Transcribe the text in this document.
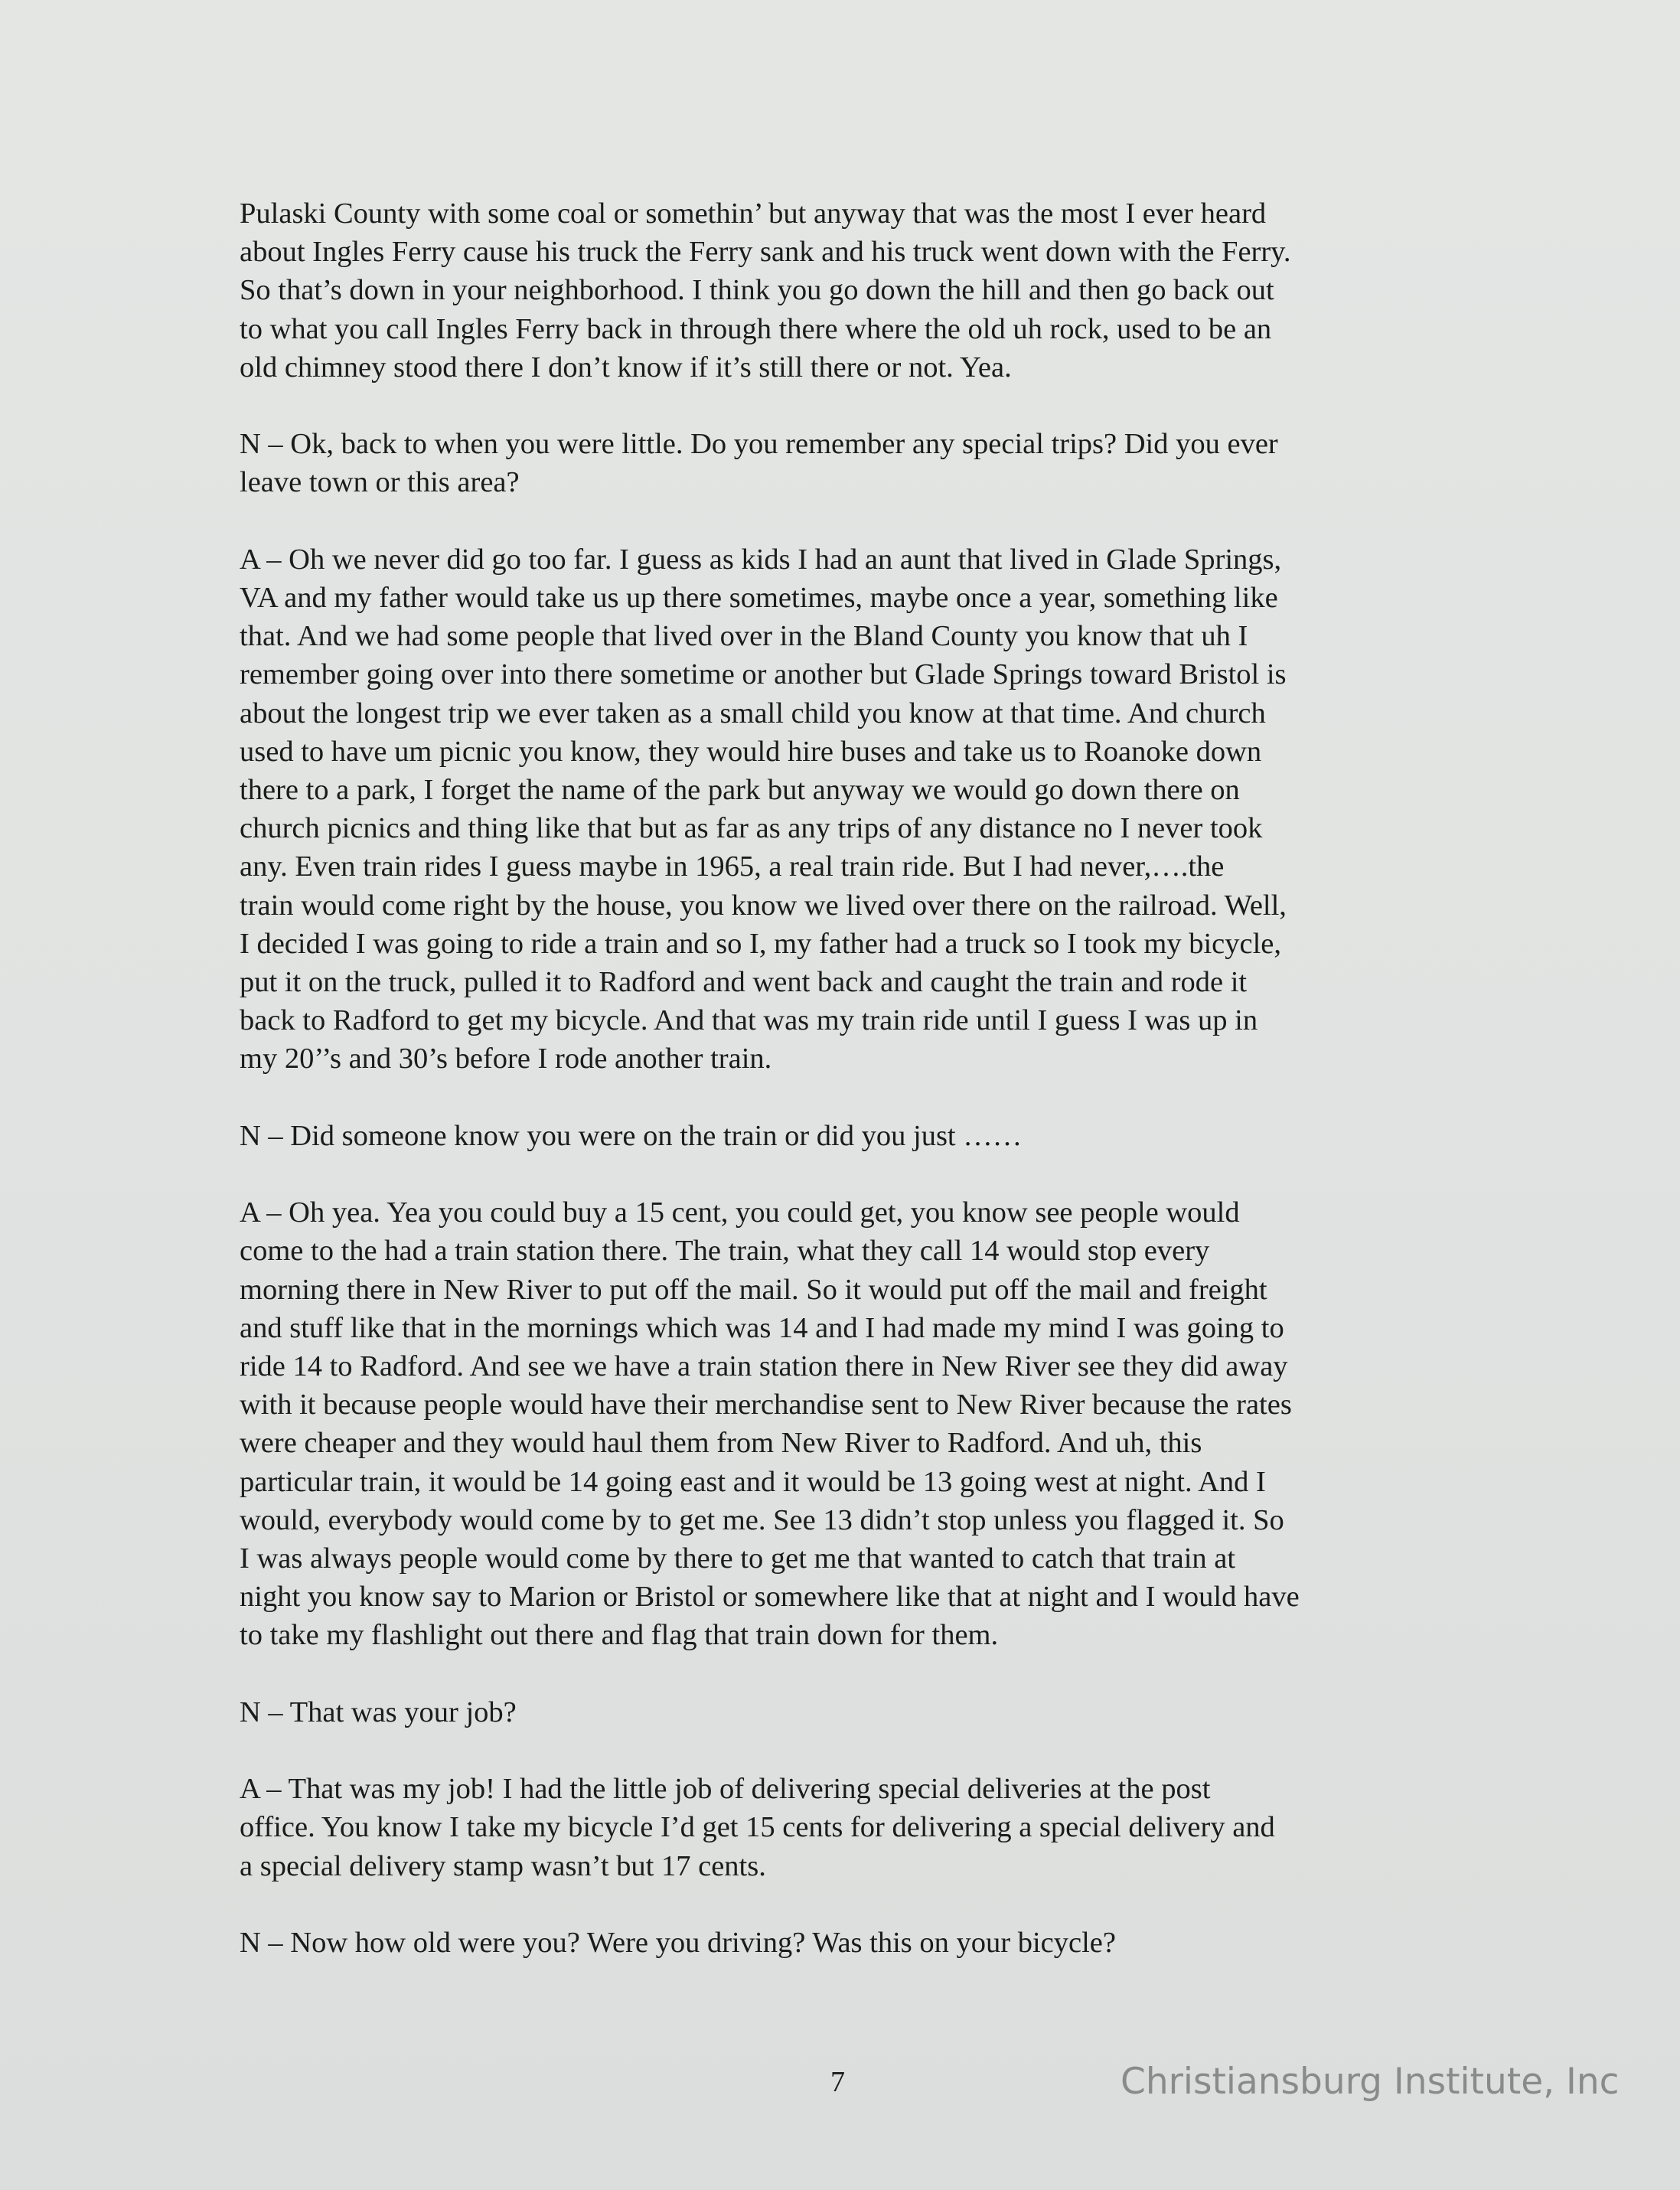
Pulaski County with some coal or somethin’ but anyway that was the most I ever heard
about Ingles Ferry cause his truck the Ferry sank and his truck went down with the Ferry.
So that’s down in your neighborhood. I think you go down the hill and then go back out
to what you call Ingles Ferry back in through there where the old uh rock, used to be an
old chimney stood there I don’t know if it’s still there or not. Yea.

N – Ok, back to when you were little. Do you remember any special trips? Did you ever
leave town or this area?

A – Oh we never did go too far. I guess as kids I had an aunt that lived in Glade Springs,
VA and my father would take us up there sometimes, maybe once a year, something like
that. And we had some people that lived over in the Bland County you know that uh I
remember going over into there sometime or another but Glade Springs toward Bristol is
about the longest trip we ever taken as a small child you know at that time. And church
used to have um picnic you know, they would hire buses and take us to Roanoke down
there to a park, I forget the name of the park but anyway we would go down there on
church picnics and thing like that but as far as any trips of any distance no I never took
any. Even train rides I guess maybe in 1965, a real train ride. But I had never,….the
train would come right by the house, you know we lived over there on the railroad. Well,
I decided I was going to ride a train and so I, my father had a truck so I took my bicycle,
put it on the truck, pulled it to Radford and went back and caught the train and rode it
back to Radford to get my bicycle. And that was my train ride until I guess I was up in
my 20’’s and 30’s before I rode another train.

N – Did someone know you were on the train or did you just ……

A – Oh yea. Yea you could buy a 15 cent, you could get, you know see people would
come to the had a train station there. The train, what they call 14 would stop every
morning there in New River to put off the mail. So it would put off the mail and freight
and stuff like that in the mornings which was 14 and I had made my mind I was going to
ride 14 to Radford. And see we have a train station there in New River see they did away
with it because people would have their merchandise sent to New River because the rates
were cheaper and they would haul them from New River to Radford. And uh, this
particular train, it would be 14 going east and it would be 13 going west at night. And I
would, everybody would come by to get me. See 13 didn’t stop unless you flagged it. So
I was always people would come by there to get me that wanted to catch that train at
night you know say to Marion or Bristol or somewhere like that at night and I would have
to take my flashlight out there and flag that train down for them.

N – That was your job?

A – That was my job! I had the little job of delivering special deliveries at the post
office. You know I take my bicycle I’d get 15 cents for delivering a special delivery and
a special delivery stamp wasn’t but 17 cents.

N – Now how old were you? Were you driving? Was this on your bicycle?

7	Christiansburg Institute, Inc
